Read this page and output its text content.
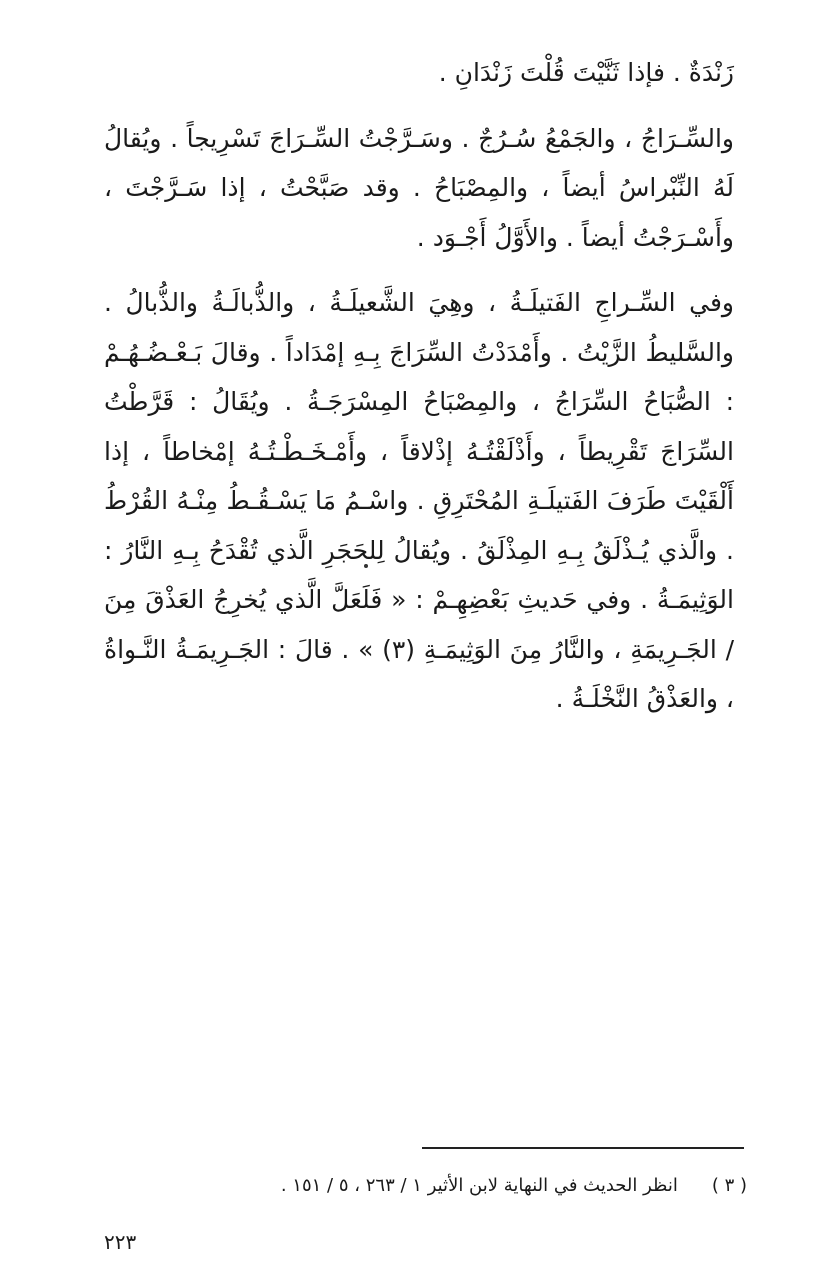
زَنْدَةٌ . فإذا ثَنَّيْتَ قُلْتَ زَنْدَانِ .

والسِّـرَاجُ ، والجَمْعُ سُـرُجٌ . وسَـرَّجْتُ السِّـرَاجَ تَسْرِيجاً . ويُقالُ لَهُ النِّبْراسُ أيضاً ، والمِصْبَاحُ . وقد صَبَّحْتُ ، إذا سَـرَّجْتَ ، وأَسْـرَجْتُ أيضاً . والأَوَّلُ أَجْـوَد .

وفي السِّـراجِ الفَتيلَـةُ ، وهِيَ الشَّعيلَـةُ ، والذُّبالَـةُ والذُّبالُ . والسَّليطُ الزَّيْتُ . وأَمْدَدْتُ السِّرَاجَ بِـهِ إمْدَاداً . وقالَ بَـعْـضُـهُـمْ : الصُّبَاحُ السِّرَاجُ ، والمِصْبَاحُ المِسْرَجَـةُ . ويُقَالُ : قَرَّطْتُ السِّرَاجَ تَقْرِيطاً ، وأَذْلَقْتُـهُ إذْلاقاً ، وأَمْـخَـطْـتُـهُ إمْخاطاً ، إذا أَلْقَيْتَ طَرَفَ الفَتيلَـةِ المُحْتَرِقِ . واسْـمُ مَا يَسْـقُـطُ مِنْـهُ القُرْطُ . والَّذي يُـذْلَقُ بِـهِ المِذْلَقُ . ويُقالُ لِلحَجَرِ الَّذي تُقْدَحُ بِـهِ النَّارُ : الوَثِيمَـةُ . وفي حَديثِ بَعْضِهِـمْ : « فَلَعَلَّ الَّذي يُخرِجُ العَذْقَ مِنَ / الجَـرِيمَةِ ، والنَّارُ مِنَ الوَثِيمَـةِ (٣) » . قالَ : الجَـرِيمَـةُ النَّـواةُ ، والعَذْقُ النَّخْلَـةُ .

( ٣ )انظر الحديث في النهاية لابن الأثير ١ / ٢٦٣ ، ٥ / ١٥١ .
٢٢٣
